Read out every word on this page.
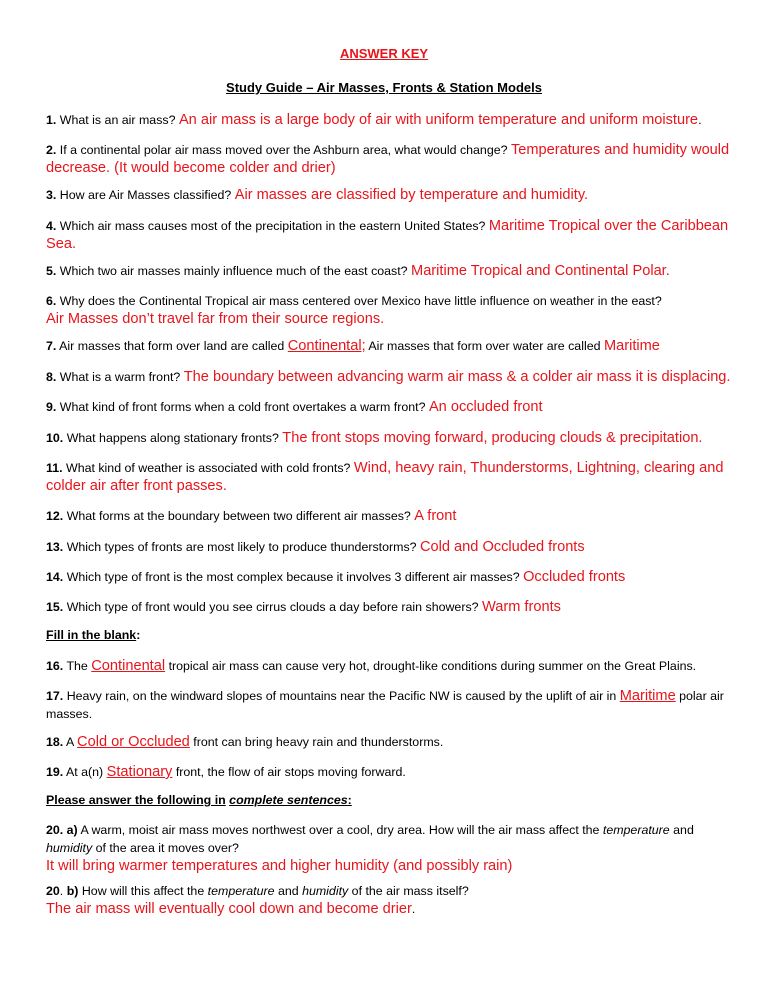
ANSWER KEY
Study Guide – Air Masses, Fronts & Station Models
1. What is an air mass? An air mass is a large body of air with uniform temperature and uniform moisture.
2. If a continental polar air mass moved over the Ashburn area, what would change? Temperatures and humidity would decrease. (It would become colder and drier)
3. How are Air Masses classified? Air masses are classified by temperature and humidity.
4. Which air mass causes most of the precipitation in the eastern United States? Maritime Tropical over the Caribbean Sea.
5. Which two air masses mainly influence much of the east coast? Maritime Tropical and Continental Polar.
6. Why does the Continental Tropical air mass centered over Mexico have little influence on weather in the east?
Air Masses don’t travel far from their source regions.
7. Air masses that form over land are called Continental; Air masses that form over water are called Maritime
8. What is a warm front? The boundary between advancing warm air mass & a colder air mass it is displacing.
9. What kind of front forms when a cold front overtakes a warm front? An occluded front
10. What happens along stationary fronts? The front stops moving forward, producing clouds & precipitation.
11. What kind of weather is associated with cold fronts? Wind, heavy rain, Thunderstorms, Lightning, clearing and colder air after front passes.
12. What forms at the boundary between two different air masses? A front
13. Which types of fronts are most likely to produce thunderstorms? Cold and Occluded fronts
14. Which type of front is the most complex because it involves 3 different air masses? Occluded fronts
15. Which type of front would you see cirrus clouds a day before rain showers? Warm fronts
Fill in the blank:
16. The Continental tropical air mass can cause very hot, drought-like conditions during summer on the Great Plains.
17. Heavy rain, on the windward slopes of mountains near the Pacific NW is caused by the uplift of air in Maritime polar air masses.
18. A Cold or Occluded front can bring heavy rain and thunderstorms.
19. At a(n) Stationary front, the flow of air stops moving forward.
Please answer the following in complete sentences:
20. a) A warm, moist air mass moves northwest over a cool, dry area. How will the air mass affect the temperature and
humidity of the area it moves over?
It will bring warmer temperatures and higher humidity (and possibly rain)
20. b) How will this affect the temperature and humidity of the air mass itself?
The air mass will eventually cool down and become drier.
